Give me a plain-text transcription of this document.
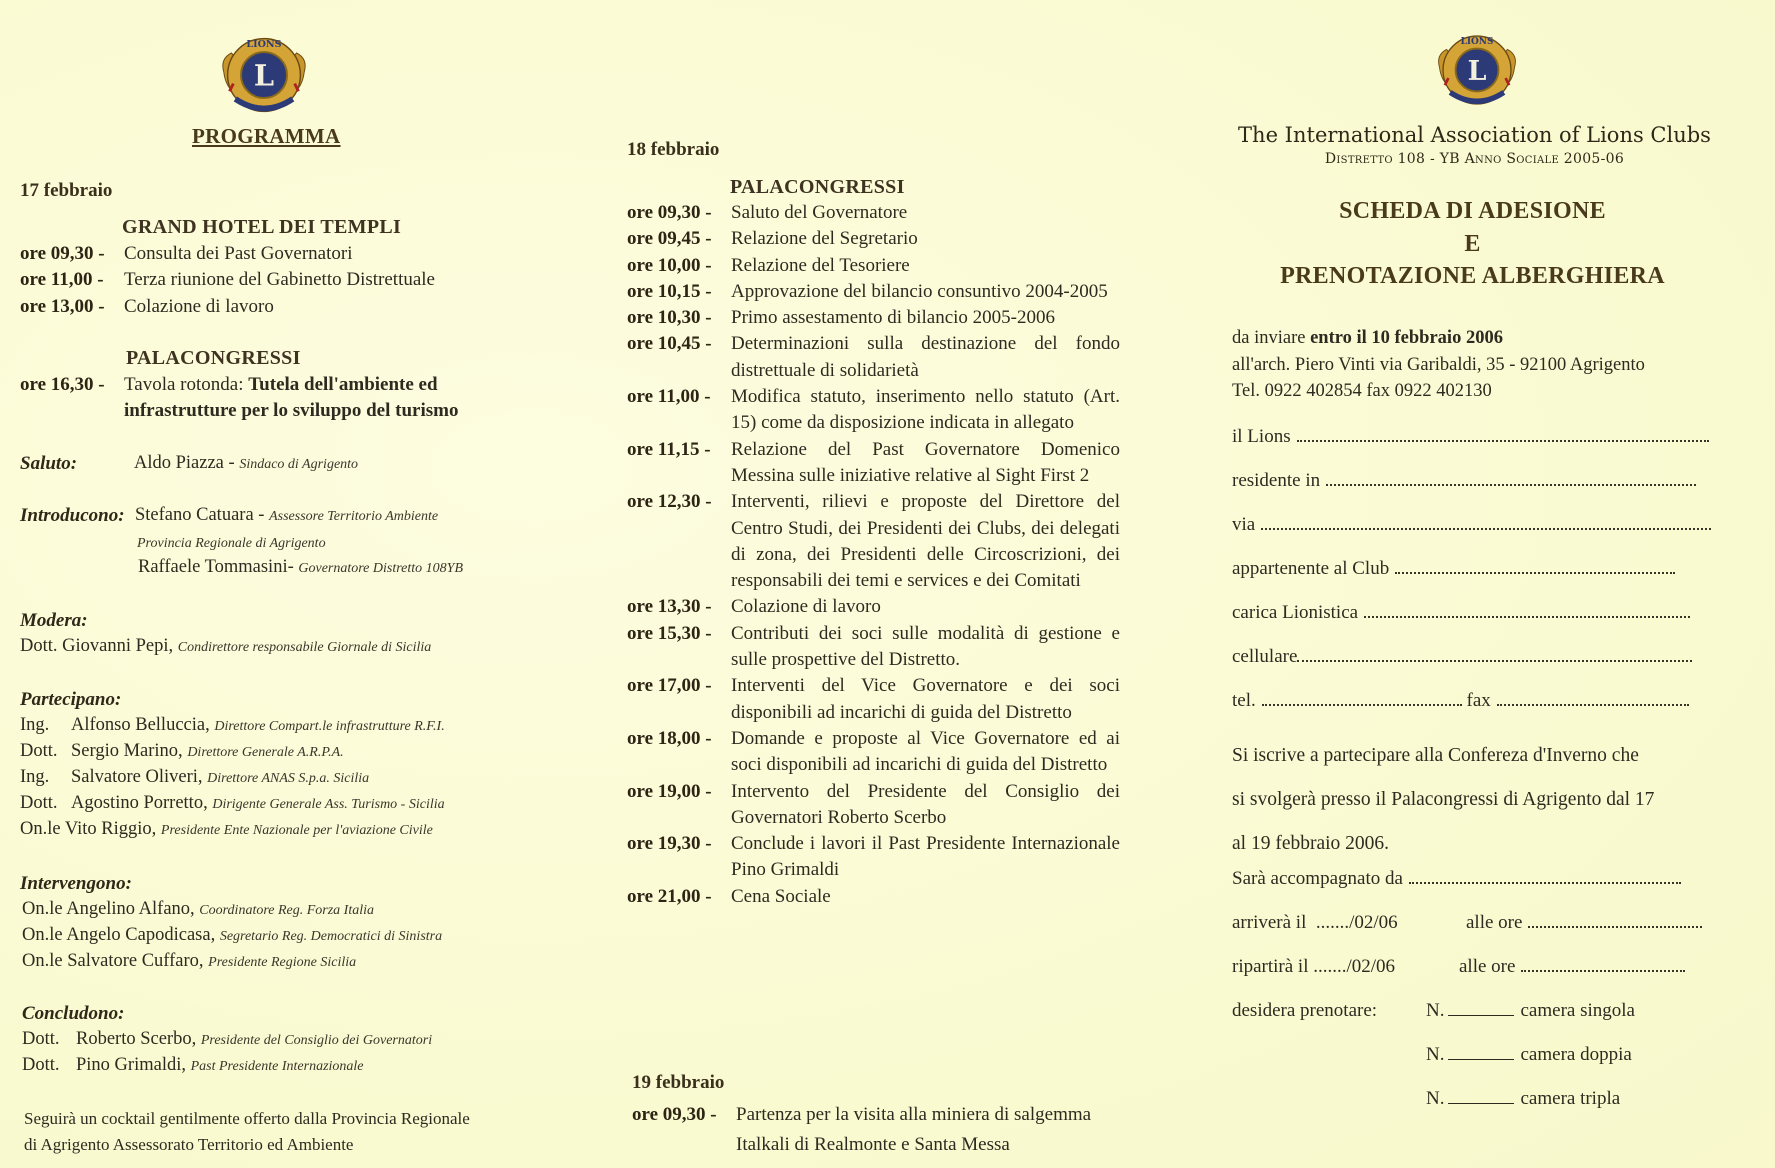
L
LIONS
PROGRAMMA
17 febbraio
GRAND HOTEL DEI TEMPLI
ore 09,30 -	Consulta dei Past Governatori
ore 11,00 -	Terza riunione del Gabinetto Distrettuale
ore 13,00 -	Colazione di lavoro
PALACONGRESSI
ore 16,30 -	Tavola rotonda: Tutela dell'ambiente ed infrastrutture per lo sviluppo del turismo
Saluto:	Aldo Piazza - Sindaco di Agrigento
Introducono: Stefano Catuara - Assessore Territorio Ambiente
Provincia Regionale di Agrigento
Raffaele Tommasini- Governatore Distretto 108YB
Modera:
Dott. Giovanni Pepi, Condirettore responsabile Giornale di Sicilia
Partecipano:
Ing. Alfonso Belluccia, Direttore Compart.le infrastrutture R.F.I.
Dott. Sergio Marino, Direttore Generale A.R.P.A.
Ing. Salvatore Oliveri, Direttore ANAS S.p.a. Sicilia
Dott. Agostino Porretto, Dirigente Generale Ass. Turismo - Sicilia
On.le Vito Riggio, Presidente Ente Nazionale per l'aviazione Civile
Intervengono:
On.le Angelino Alfano, Coordinatore Reg. Forza Italia
On.le Angelo Capodicasa, Segretario Reg. Democratici di Sinistra
On.le Salvatore Cuffaro, Presidente Regione Sicilia
Concludono:
Dott. Roberto Scerbo, Presidente del Consiglio dei Governatori
Dott. Pino Grimaldi, Past Presidente Internazionale
Seguirà un cocktail gentilmente offerto dalla Provincia Regionale
di Agrigento Assessorato Territorio ed Ambiente
18 febbraio
PALACONGRESSI
ore 09,30 -	Saluto del Governatore
ore 09,45 -	Relazione del Segretario
ore 10,00 -	Relazione del Tesoriere
ore 10,15 -	Approvazione del bilancio consuntivo 2004-2005
ore 10,30 -	Primo assestamento di bilancio 2005-2006
ore 10,45 -	Determinazioni sulla destinazione del fondo distrettuale di solidarietà
ore 11,00 -	Modifica statuto, inserimento nello statuto (Art. 15) come da disposizione indicata in allegato
ore 11,15 -	Relazione del Past Governatore Domenico Messina sulle iniziative relative al Sight First 2
ore 12,30 -	Interventi, rilievi e proposte del Direttore del Centro Studi, dei Presidenti dei Clubs, dei delegati di zona, dei Presidenti delle Circoscrizioni, dei responsabili dei temi e services e dei Comitati
ore 13,30 -	Colazione di lavoro
ore 15,30 -	Contributi dei soci sulle modalità di gestione e sulle prospettive del Distretto.
ore 17,00 -	Interventi del Vice Governatore e dei soci disponibili ad incarichi di guida del Distretto
ore 18,00 -	Domande e proposte al Vice Governatore ed ai soci disponibili ad incarichi di guida del Distretto
ore 19,00 -	Intervento del Presidente del Consiglio dei Governatori Roberto Scerbo
ore 19,30 -	Conclude i lavori il Past Presidente Internazionale Pino Grimaldi
ore 21,00 -	Cena Sociale
19 febbraio
ore 09,30 -	Partenza per la visita alla miniera di salgemma Italkali di Realmonte e Santa Messa
L
LIONS
The International Association of Lions Clubs
Distretto 108 - YB Anno Sociale 2005-06
SCHEDA DI ADESIONE
E
PRENOTAZIONE ALBERGHIERA
da inviare entro il 10 febbraio 2006
all'arch. Piero Vinti via Garibaldi, 35 - 92100 Agrigento
Tel. 0922 402854 fax 0922 402130
il Lions
residente in
via
appartenente al Club
carica Lionistica
cellulare
tel.	fax
Si iscrive a partecipare alla Confereza d'Inverno che
si svolgerà presso il Palacongressi di Agrigento dal 17
al 19 febbraio 2006.
Sarà accompagnato da
arriverà il ......./02/06	alle ore
ripartirà il ......./02/06	alle ore
desidera prenotare:	N.	camera singola
N.	camera doppia
N.	camera tripla
